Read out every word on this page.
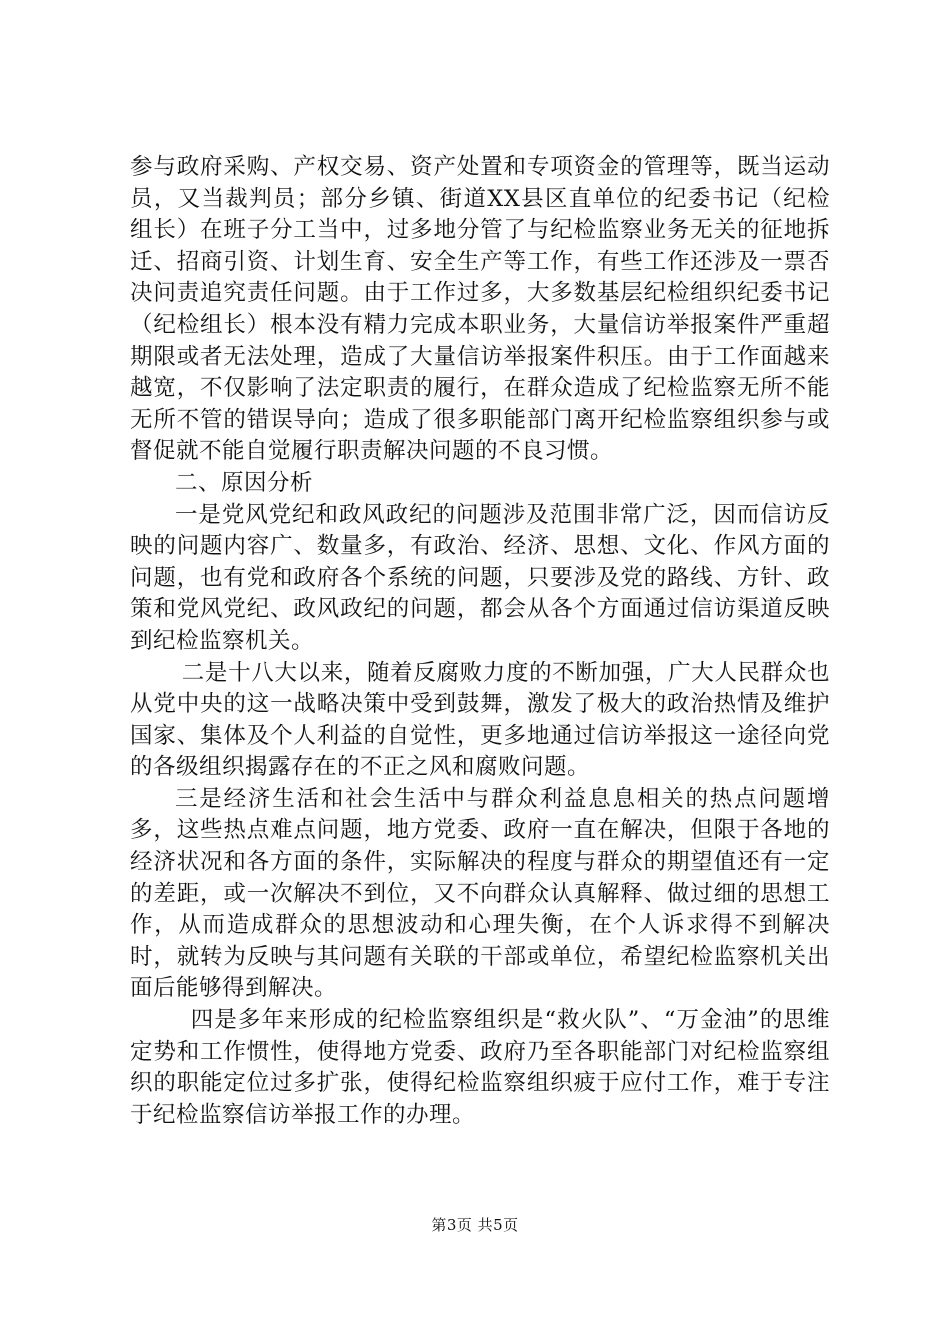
参与政府采购、产权交易、资产处置和专项资金的管理等，既当运动员，又当裁判员；部分乡镇、街道XX县区直单位的纪委书记（纪检组长）在班子分工当中，过多地分管了与纪检监察业务无关的征地拆迁、招商引资、计划生育、安全生产等工作，有些工作还涉及一票否决问责追究责任问题。由于工作过多，大多数基层纪检组织纪委书记（纪检组长）根本没有精力完成本职业务，大量信访举报案件严重超期限或者无法处理，造成了大量信访举报案件积压。由于工作面越来越宽，不仅影响了法定职责的履行，在群众造成了纪检监察无所不能无所不管的错误导向；造成了很多职能部门离开纪检监察组织参与或督促就不能自觉履行职责解决问题的不良习惯。

二、原因分析

一是党风党纪和政风政纪的问题涉及范围非常广泛，因而信访反映的问题内容广、数量多，有政治、经济、思想、文化、作风方面的问题，也有党和政府各个系统的问题，只要涉及党的路线、方针、政策和党风党纪、政风政纪的问题，都会从各个方面通过信访渠道反映到纪检监察机关。

二是十八大以来，随着反腐败力度的不断加强，广大人民群众也从党中央的这一战略决策中受到鼓舞，激发了极大的政治热情及维护国家、集体及个人利益的自觉性，更多地通过信访举报这一途径向党的各级组织揭露存在的不正之风和腐败问题。

三是经济生活和社会生活中与群众利益息息相关的热点问题增多，这些热点难点问题，地方党委、政府一直在解决，但限于各地的经济状况和各方面的条件，实际解决的程度与群众的期望值还有一定的差距，或一次解决不到位，又不向群众认真解释、做过细的思想工作，从而造成群众的思想波动和心理失衡，在个人诉求得不到解决时，就转为反映与其问题有关联的干部或单位，希望纪检监察机关出面后能够得到解决。

四是多年来形成的纪检监察组织是“救火队”、“万金油”的思维定势和工作惯性，使得地方党委、政府乃至各职能部门对纪检监察组织的职能定位过多扩张，使得纪检监察组织疲于应付工作，难于专注于纪检监察信访举报工作的办理。

第3页 共5页
